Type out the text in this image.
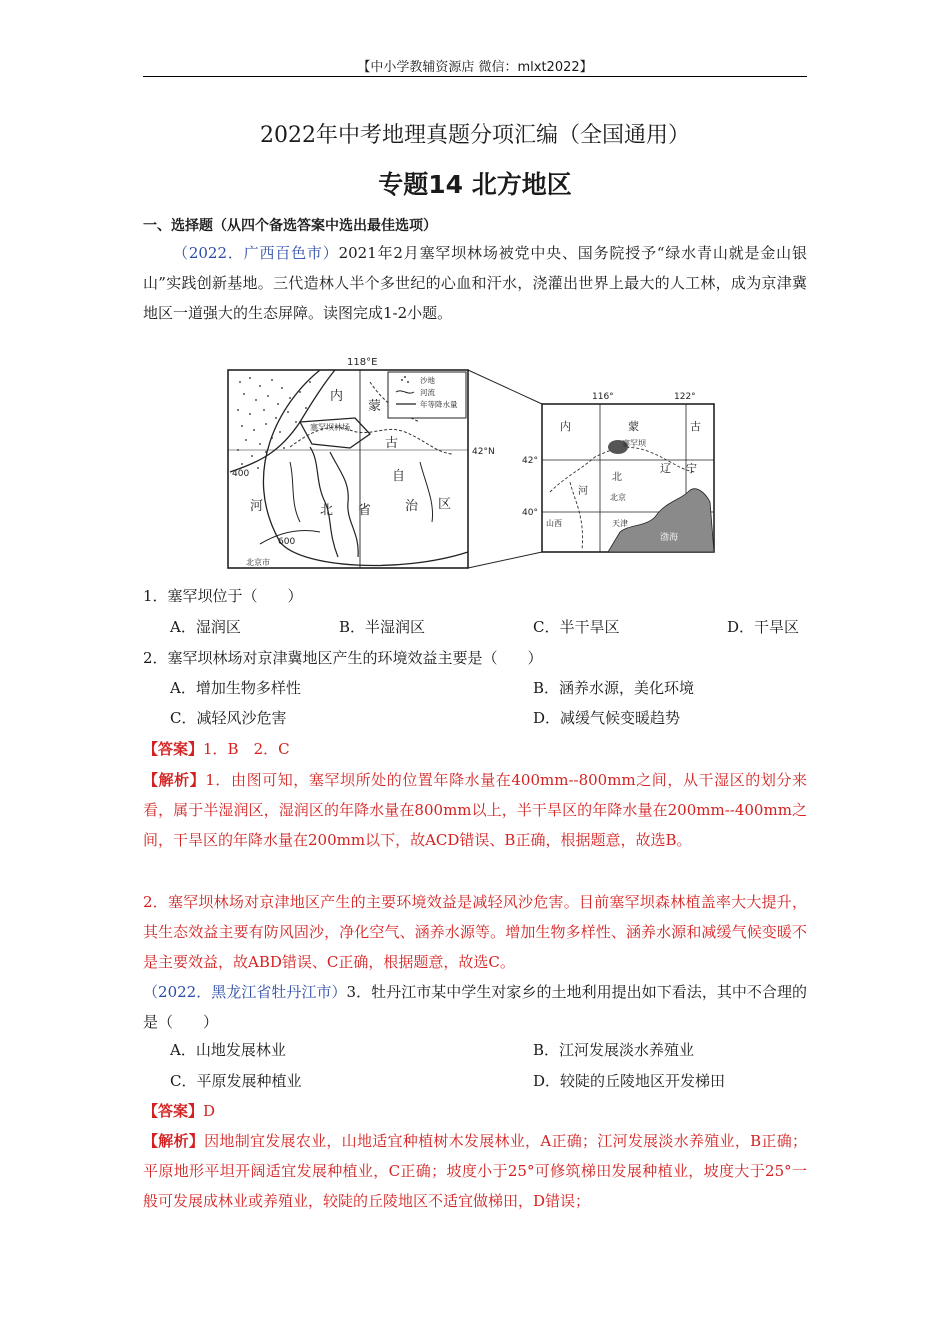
【中小学教辅资源店 微信：mlxt2022】
2022年中考地理真题分项汇编（全国通用）
专题14 北方地区
一、选择题（从四个备选答案中选出最佳选项）
（2022．广西百色市）2021年2月塞罕坝林场被党中央、国务院授予“绿水青山就是金山银山”实践创新基地。三代造林人半个多世纪的心血和汗水，浇灌出世界上最大的人工林，成为京津冀地区一道强大的生态屏障。读图完成1-2小题。
118°E
42°N
沙地
河流
年等降水量
内
蒙
古
自
治 区
河	北 省
塞罕坝林场
400
600
北京市
116°	122°
42°
40°
内	蒙	古
辽 宁
河
北
北京
天津
山西
塞罕坝
渤海
1．塞罕坝位于（　　）
A．湿润区	B．半湿润区	C．半干旱区	D．干旱区
2．塞罕坝林场对京津冀地区产生的环境效益主要是（　　）
A．增加生物多样性	B．涵养水源，美化环境
C．减轻风沙危害	D．减缓气候变暖趋势
【答案】1．B　2．C
【解析】1．由图可知，塞罕坝所处的位置年降水量在400mm--800mm之间，从干湿区的划分来看，属于半湿润区，湿润区的年降水量在800mm以上，半干旱区的年降水量在200mm--400mm之间，干旱区的年降水量在200mm以下，故ACD错误、B正确，根据题意，故选B。
2．塞罕坝林场对京津地区产生的主要环境效益是减轻风沙危害。目前塞罕坝森林植盖率大大提升，其生态效益主要有防风固沙，净化空气、涵养水源等。增加生物多样性、涵养水源和减缓气候变暖不是主要效益，故ABD错误、C正确，根据题意，故选C。
（2022．黑龙江省牡丹江市）3．牡丹江市某中学生对家乡的土地利用提出如下看法，其中不合理的是（　　）
A．山地发展林业	B．江河发展淡水养殖业
C．平原发展种植业	D．较陡的丘陵地区开发梯田
【答案】D
【解析】因地制宜发展农业，山地适宜种植树木发展林业，A正确；江河发展淡水养殖业，B正确；平原地形平坦开阔适宜发展种植业，C正确；坡度小于25°可修筑梯田发展种植业，坡度大于25°一般可发展成林业或养殖业，较陡的丘陵地区不适宜做梯田，D错误；
